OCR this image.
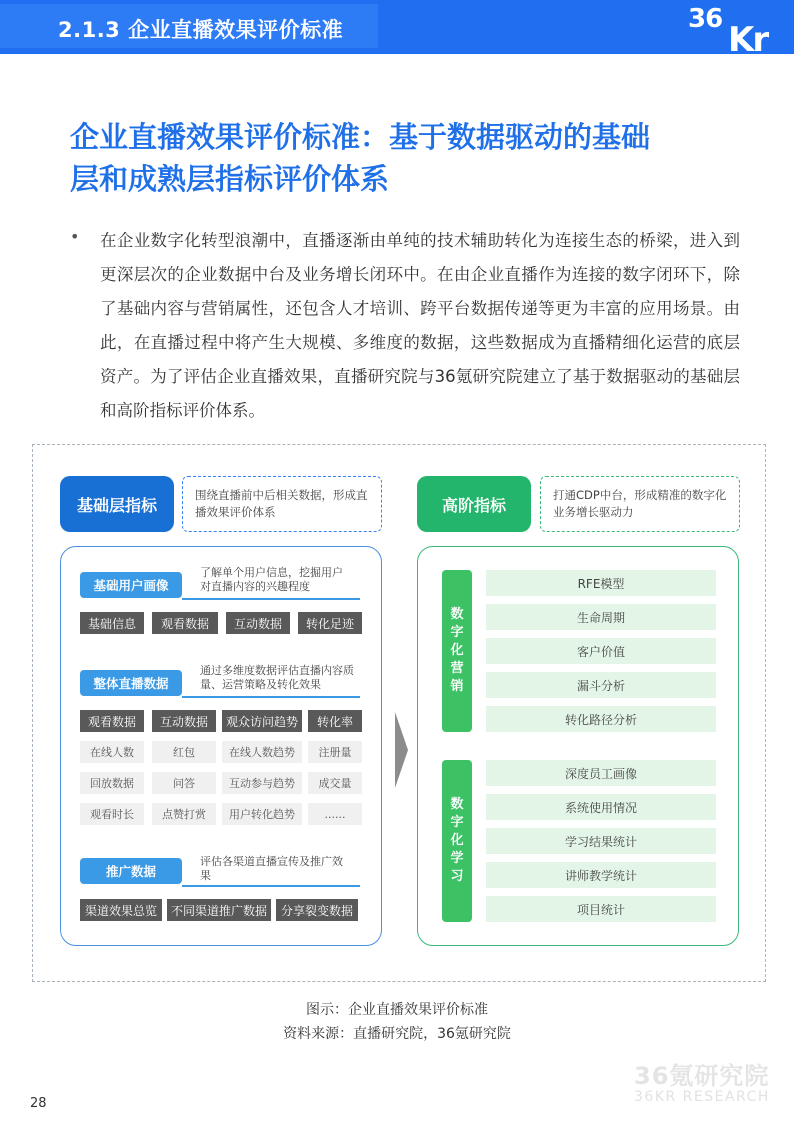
2.1.3 企业直播效果评价标准	36
Kr
企业直播效果评价标准：基于数据驱动的基础
层和成熟层指标评价体系
• 在企业数字化转型浪潮中，直播逐渐由单纯的技术辅助转化为连接生态的桥梁，进入到更深层次的企业数据中台及业务增长闭环中。在由企业直播作为连接的数字闭环下，除了基础内容与营销属性，还包含人才培训、跨平台数据传递等更为丰富的应用场景。由此，在直播过程中将产生大规模、多维度的数据，这些数据成为直播精细化运营的底层资产。为了评估企业直播效果，直播研究院与36氪研究院建立了基于数据驱动的基础层和高阶指标评价体系。
基础层指标
围绕直播前中后相关数据，形成直播效果评价体系	高阶指标
打通CDP中台，形成精准的数字化业务增长驱动力
基础用户画像
了解单个用户信息，挖掘用户对直播内容的兴趣程度
基础信息	观看数据	互动数据	转化足迹
整体直播数据
通过多维度数据评估直播内容质量、运营策略及转化效果
观看数据	互动数据	观众访问趋势	转化率
在线人数	红包	在线人数趋势	注册量
回放数据	问答	互动参与趋势	成交量
观看时长	点赞打赏	用户转化趋势	......
推广数据
评估各渠道直播宣传及推广效果
渠道效果总览	不同渠道推广数据	分享裂变数据
数
字
化
营
销
RFE模型
生命周期
客户价值
漏斗分析
转化路径分析
数
字
化
学
习
深度员工画像
系统使用情况
学习结果统计
讲师教学统计
项目统计
图示：企业直播效果评价标准
资料来源：直播研究院，36氪研究院
36氪研究院
36KR RESEARCH
28
